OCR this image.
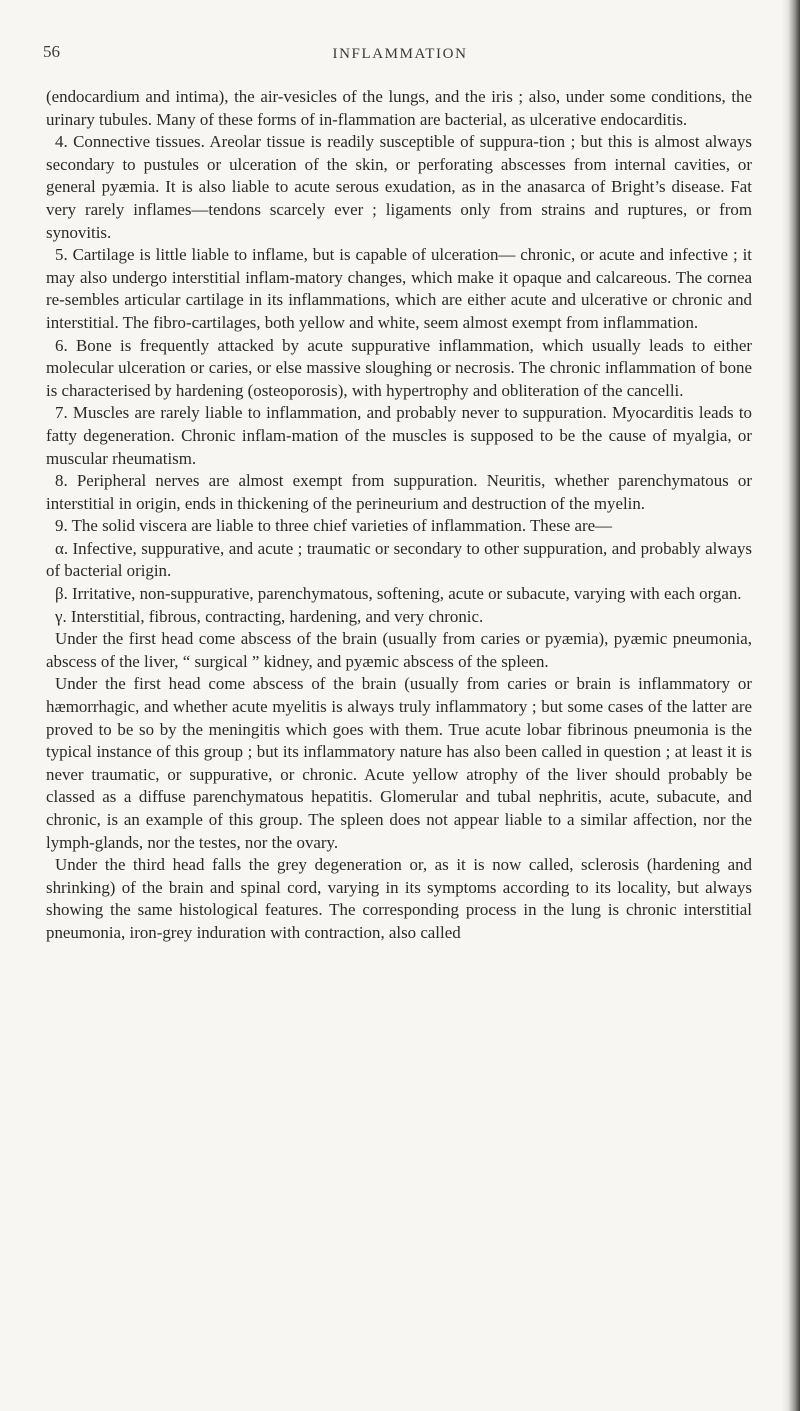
56	INFLAMMATION

(endocardium and intima), the air-vesicles of the lungs, and the iris ; also, under some conditions, the urinary tubules. Many of these forms of in-flammation are bacterial, as ulcerative endocarditis.

4. Connective tissues. Areolar tissue is readily susceptible of suppura-tion ; but this is almost always secondary to pustules or ulceration of the skin, or perforating abscesses from internal cavities, or general pyæmia. It is also liable to acute serous exudation, as in the anasarca of Bright’s disease. Fat very rarely inflames—tendons scarcely ever ; ligaments only from strains and ruptures, or from synovitis.

5. Cartilage is little liable to inflame, but is capable of ulceration— chronic, or acute and infective ; it may also undergo interstitial inflam-matory changes, which make it opaque and calcareous. The cornea re-sembles articular cartilage in its inflammations, which are either acute and ulcerative or chronic and interstitial. The fibro-cartilages, both yellow and white, seem almost exempt from inflammation.

6. Bone is frequently attacked by acute suppurative inflammation, which usually leads to either molecular ulceration or caries, or else massive sloughing or necrosis. The chronic inflammation of bone is characterised by hardening (osteoporosis), with hypertrophy and obliteration of the cancelli.

7. Muscles are rarely liable to inflammation, and probably never to suppuration. Myocarditis leads to fatty degeneration. Chronic inflam-mation of the muscles is supposed to be the cause of myalgia, or muscular rheumatism.

8. Peripheral nerves are almost exempt from suppuration. Neuritis, whether parenchymatous or interstitial in origin, ends in thickening of the perineurium and destruction of the myelin.

9. The solid viscera are liable to three chief varieties of inflammation. These are—

α. Infective, suppurative, and acute ; traumatic or secondary to other suppuration, and probably always of bacterial origin.

β. Irritative, non-suppurative, parenchymatous, softening, acute or subacute, varying with each organ.

γ. Interstitial, fibrous, contracting, hardening, and very chronic.

Under the first head come abscess of the brain (usually from caries or pyæmia), pyæmic pneumonia, abscess of the liver, “ surgical ” kidney, and pyæmic abscess of the spleen.

Under the first head come abscess of the brain (usually from caries or brain is inflammatory or hæmorrhagic, and whether acute myelitis is always truly inflammatory ; but some cases of the latter are proved to be so by the meningitis which goes with them. True acute lobar fibrinous pneumonia is the typical instance of this group ; but its inflammatory nature has also been called in question ; at least it is never traumatic, or suppurative, or chronic. Acute yellow atrophy of the liver should probably be classed as a diffuse parenchymatous hepatitis. Glomerular and tubal nephritis, acute, subacute, and chronic, is an example of this group. The spleen does not appear liable to a similar affection, nor the lymph-glands, nor the testes, nor the ovary.

Under the third head falls the grey degeneration or, as it is now called, sclerosis (hardening and shrinking) of the brain and spinal cord, varying in its symptoms according to its locality, but always showing the same histological features. The corresponding process in the lung is chronic interstitial pneumonia, iron-grey induration with contraction, also called
